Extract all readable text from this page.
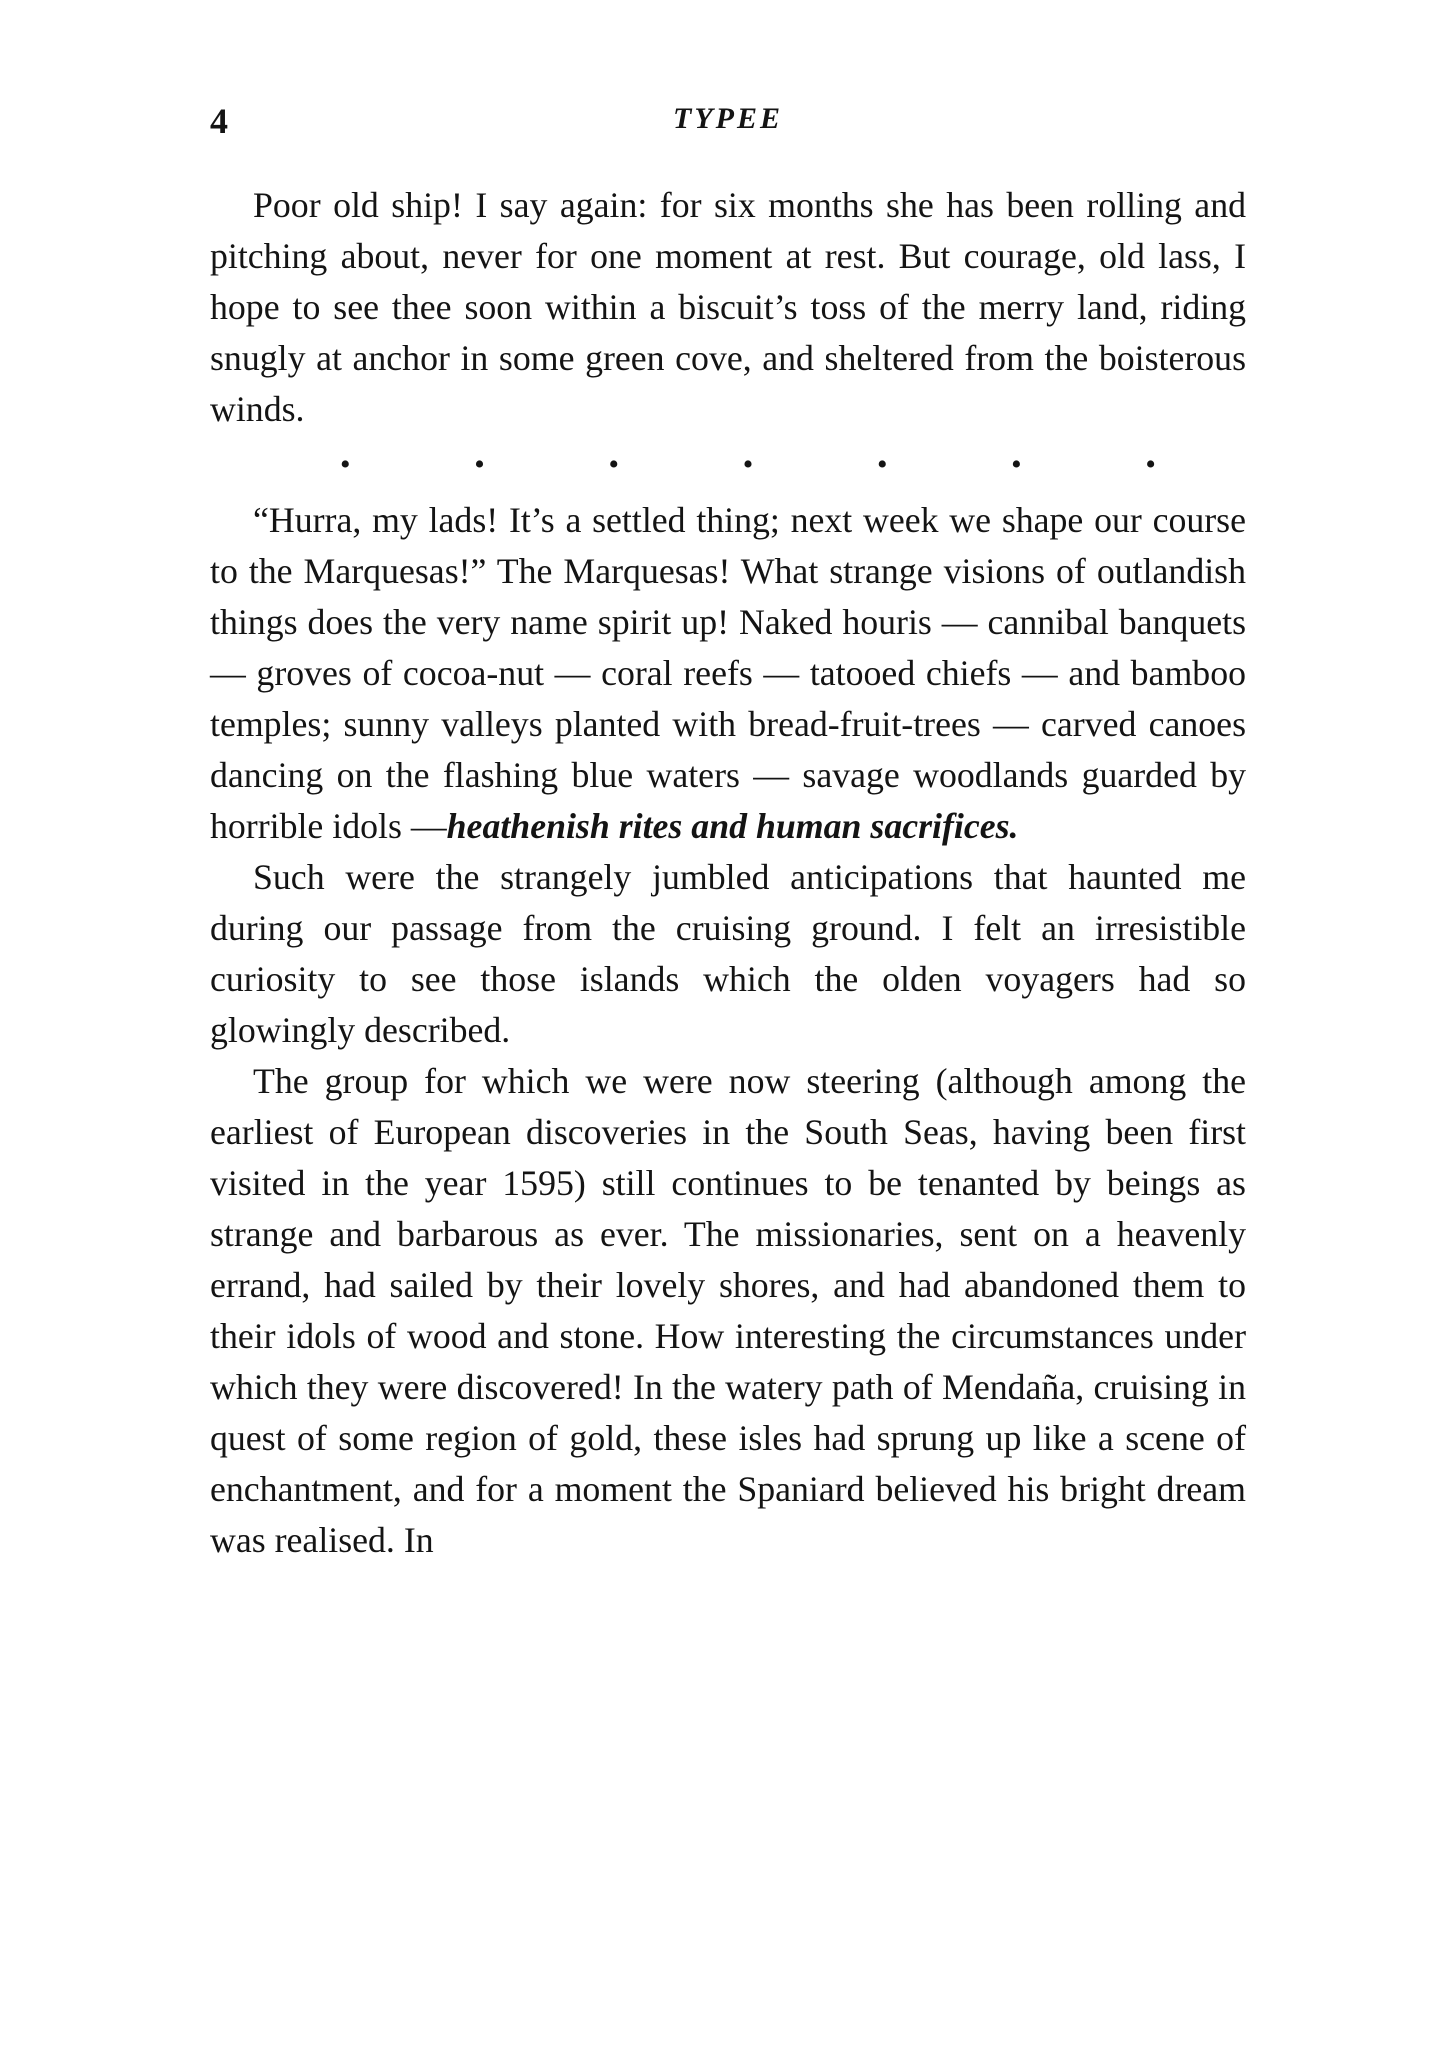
4	TYPEE

Poor old ship! I say again: for six months she has been rolling and pitching about, never for one moment at rest. But courage, old lass, I hope to see thee soon within a biscuit’s toss of the merry land, riding snugly at anchor in some green cove, and sheltered from the boisterous winds.

•	•	•	•	•	•	•

“Hurra, my lads! It’s a settled thing; next week we shape our course to the Marquesas!” The Marquesas! What strange visions of outlandish things does the very name spirit up! Naked houris — cannibal banquets — groves of cocoa-nut — coral reefs — tatooed chiefs — and bamboo temples; sunny valleys planted with bread-fruit-trees — carved canoes dancing on the flashing blue waters — savage woodlands guarded by horrible idols —heathenish rites and human sacrifices.

Such were the strangely jumbled anticipations that haunted me during our passage from the cruising ground. I felt an irresistible curiosity to see those islands which the olden voyagers had so glowingly described.

The group for which we were now steering (although among the earliest of European discoveries in the South Seas, having been first visited in the year 1595) still continues to be tenanted by beings as strange and barbarous as ever. The missionaries, sent on a heavenly errand, had sailed by their lovely shores, and had abandoned them to their idols of wood and stone. How interesting the circumstances under which they were discovered! In the watery path of Mendaña, cruising in quest of some region of gold, these isles had sprung up like a scene of enchantment, and for a moment the Spaniard believed his bright dream was realised. In
